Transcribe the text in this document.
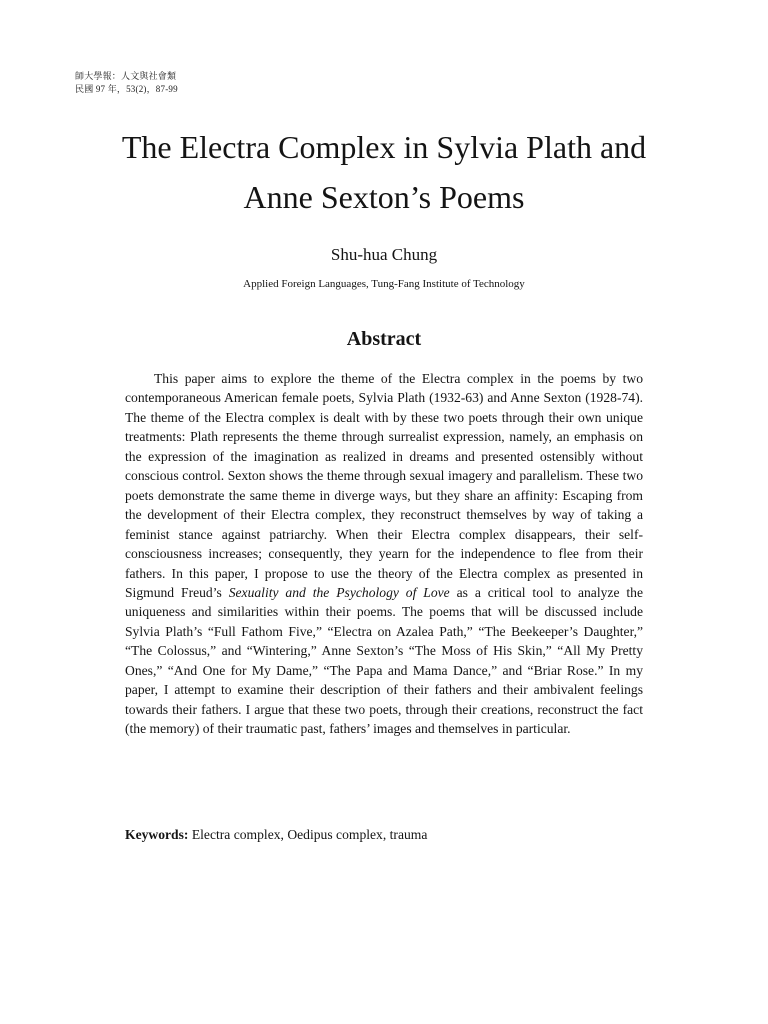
師大學報：人文與社會類
民國 97 年，53(2)，87-99
The Electra Complex in Sylvia Plath and
Anne Sexton’s Poems
Shu-hua Chung
Applied Foreign Languages, Tung-Fang Institute of Technology
Abstract

This paper aims to explore the theme of the Electra complex in the poems by two contemporaneous American female poets, Sylvia Plath (1932-63) and Anne Sexton (1928-74). The theme of the Electra complex is dealt with by these two poets through their own unique treatments: Plath represents the theme through surrealist expression, namely, an emphasis on the expression of the imagination as realized in dreams and presented ostensibly without conscious control. Sexton shows the theme through sexual imagery and parallelism. These two poets demonstrate the same theme in diverge ways, but they share an affinity: Escaping from the development of their Electra complex, they reconstruct themselves by way of taking a feminist stance against patriarchy. When their Electra complex disappears, their self-consciousness increases; consequently, they yearn for the independence to flee from their fathers. In this paper, I propose to use the theory of the Electra complex as presented in Sigmund Freud’s Sexuality and the Psychology of Love as a critical tool to analyze the uniqueness and similarities within their poems. The poems that will be discussed include Sylvia Plath’s “Full Fathom Five,” “Electra on Azalea Path,” “The Beekeeper’s Daughter,” “The Colossus,” and “Wintering,” Anne Sexton’s “The Moss of His Skin,” “All My Pretty Ones,” “And One for My Dame,” “The Papa and Mama Dance,” and “Briar Rose.” In my paper, I attempt to examine their description of their fathers and their ambivalent feelings towards their fathers. I argue that these two poets, through their creations, reconstruct the fact (the memory) of their traumatic past, fathers’ images and themselves in particular.

Keywords: Electra complex, Oedipus complex, trauma
